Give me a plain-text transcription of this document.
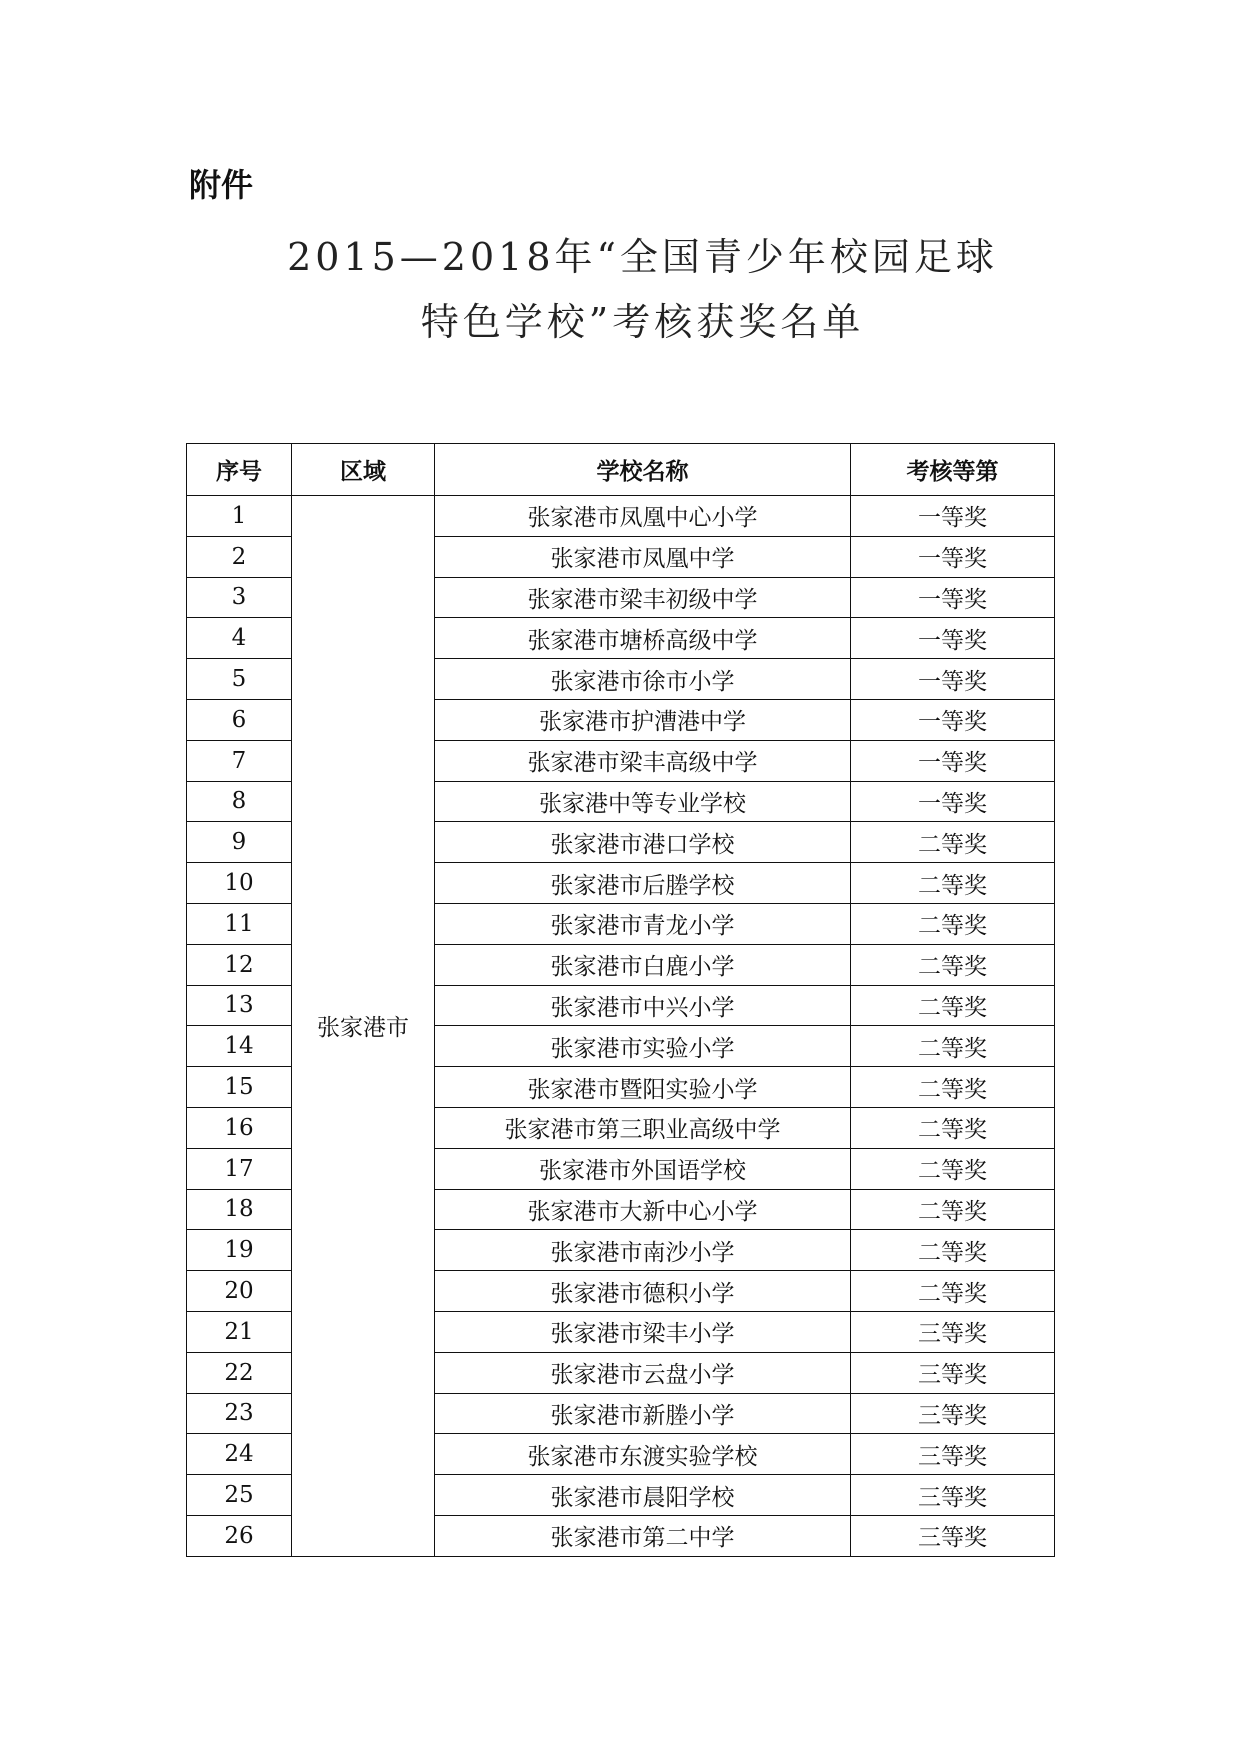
附件
2015—2018年“全国青少年校园足球
特色学校”考核获奖名单
序号	区域	学校名称	考核等第
1	张家港市	张家港市凤凰中心小学	一等奖
2		张家港市凤凰中学	一等奖
3		张家港市梁丰初级中学	一等奖
4		张家港市塘桥高级中学	一等奖
5		张家港市徐市小学	一等奖
6		张家港市护漕港中学	一等奖
7		张家港市梁丰高级中学	一等奖
8		张家港中等专业学校	一等奖
9		张家港市港口学校	二等奖
10		张家港市后塍学校	二等奖
11		张家港市青龙小学	二等奖
12		张家港市白鹿小学	二等奖
13		张家港市中兴小学	二等奖
14		张家港市实验小学	二等奖
15		张家港市暨阳实验小学	二等奖
16		张家港市第三职业高级中学	二等奖
17		张家港市外国语学校	二等奖
18		张家港市大新中心小学	二等奖
19		张家港市南沙小学	二等奖
20		张家港市德积小学	二等奖
21		张家港市梁丰小学	三等奖
22		张家港市云盘小学	三等奖
23		张家港市新塍小学	三等奖
24		张家港市东渡实验学校	三等奖
25		张家港市晨阳学校	三等奖
26		张家港市第二中学	三等奖
